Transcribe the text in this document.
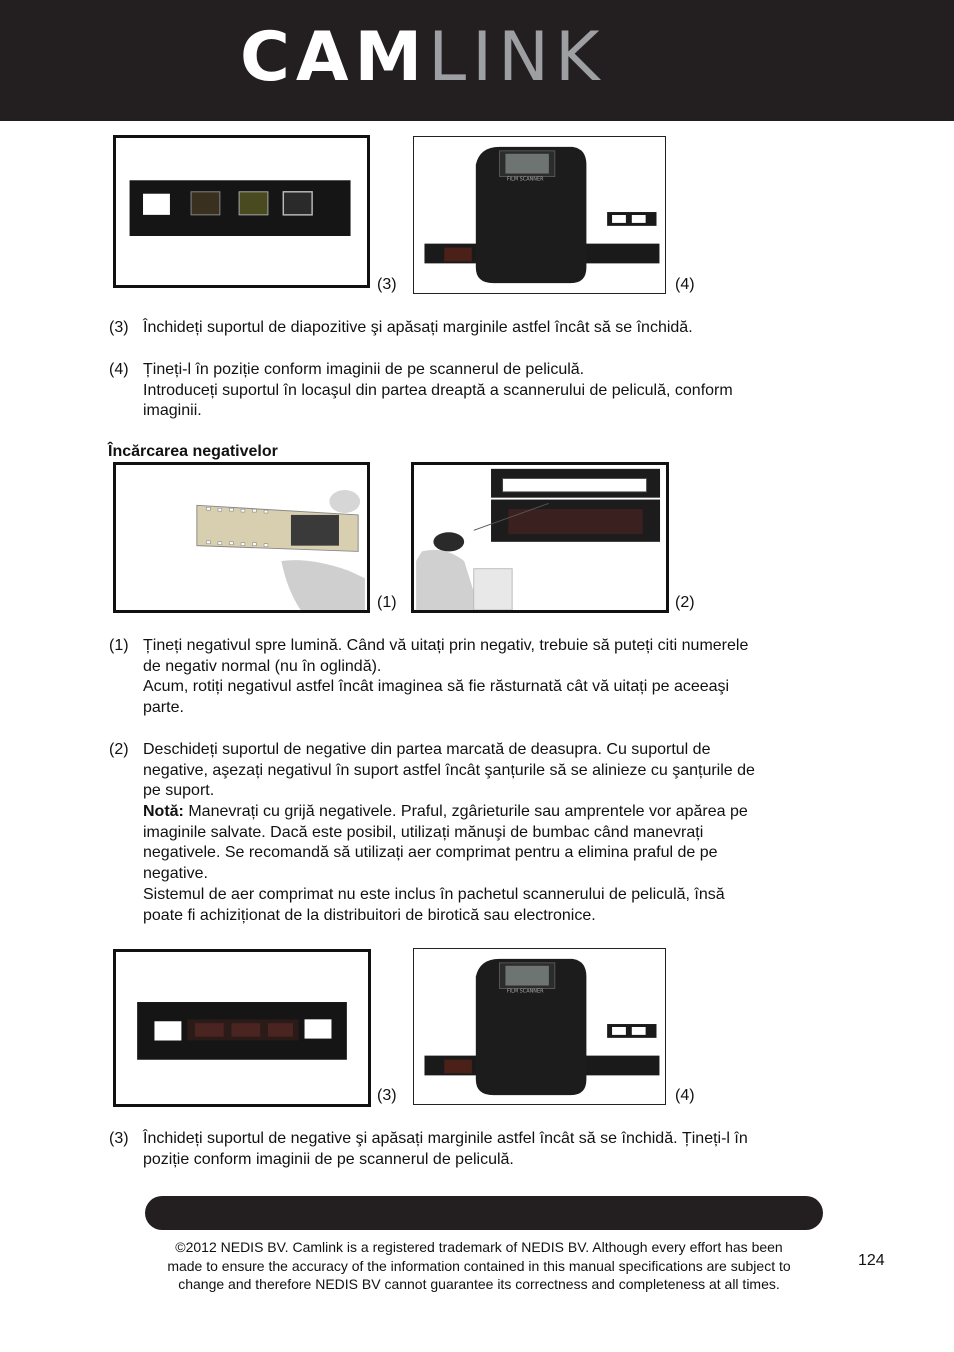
CAMLINK
(3)
FILM SCANNER
(4)
(3) Închideți suportul de diapozitive şi apăsați marginile astfel încât să se închidă.
(4) Țineți-l în poziție conform imaginii de pe scannerul de peliculă.
Introduceți suportul în locaşul din partea dreaptă a scannerului de peliculă, conform
imaginii.
Încărcarea negativelor
(1)	(2)
(1) Țineți negativul spre lumină. Când vă uitați prin negativ, trebuie să puteți citi numerele
de negativ normal (nu în oglindă).
Acum, rotiți negativul astfel încât imaginea să fie răsturnată cât vă uitați pe aceeaşi
parte.
(2) Deschideți suportul de negative din partea marcată de deasupra. Cu suportul de
negative, aşezați negativul în suport astfel încât şanțurile să se alinieze cu şanțurile de
pe suport.
Notă: Manevrați cu grijă negativele. Praful, zgârieturile sau amprentele vor apărea pe
imaginile salvate. Dacă este posibil, utilizați mănuşi de bumbac când manevrați
negativele. Se recomandă să utilizați aer comprimat pentru a elimina praful de pe
negative.
Sistemul de aer comprimat nu este inclus în pachetul scannerului de peliculă, însă
poate fi achiziționat de la distribuitori de birotică sau electronice.
(3)
FILM SCANNER
(4)
(3) Închideți suportul de negative şi apăsați marginile astfel încât să se închidă. Țineți-l în
poziție conform imaginii de pe scannerul de peliculă.
©2012 NEDIS BV. Camlink is a registered trademark of NEDIS BV. Although every effort has been
made to ensure the accuracy of the information contained in this manual specifications are subject to
change and therefore NEDIS BV cannot guarantee its correctness and completeness at all times.
124
